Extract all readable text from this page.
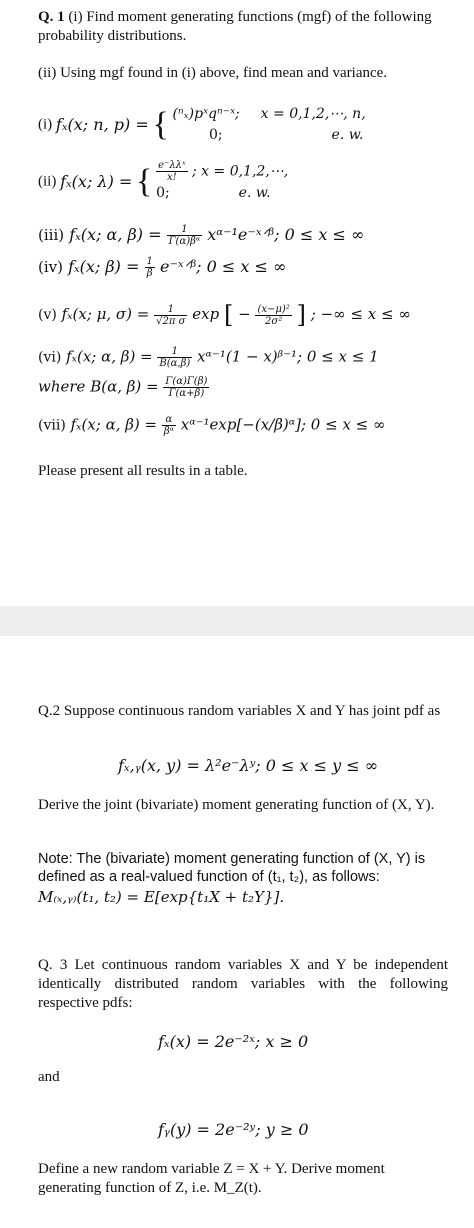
Q. 1 (i) Find moment generating functions (mgf) of the following probability distributions.
(ii) Using mgf found in (i) above, find mean and variance.
(i) fₓ(x; n, p) = { (ⁿₓ)pˣqⁿ⁻ˣ; x = 0,1,2,⋯, n,
0;	e. w.
(ii) fₓ(x; λ) = { $\frac{\text{e⁻λλˣ}}{x!}$ ; x = 0,1,2,⋯,
0;	e. w.
(iii) fₓ(x; α, $\beta) = \frac{1}{\text{Γ(α)βᵅ}}$ xᵅ⁻¹e⁻ˣᐟᵝ; 0 ≤ x ≤ ∞
(iv) fₓ(x; $\beta) = \frac{1}{\beta}$ e⁻ˣᐟᵝ; 0 ≤ x ≤ ∞
(v) fₓ(x; μ, $\sigma) = \frac{1}{\text{√2π σ}}$ exp [ − $\frac{\text{(x−μ)²}}{\text{2σ²}}$ ] ; −∞ ≤ x ≤ ∞
(vi) fₓ(x; α, $\beta) = \frac{1}{B(\alpha,\beta)}$ xᵅ⁻¹(1 − x)ᵝ⁻¹; 0 ≤ x ≤ 1
where B(α, $\beta) = \frac{\Gamma(\alpha)\Gamma(\beta)}{\Gamma(\alpha+\beta)}$
(vii) fₓ(x; α, $\beta) = \frac{\alpha}{\text{βᵅ}}$ xᵅ⁻¹exp[−(x/β)ᵅ]; 0 ≤ x ≤ ∞
Please present all results in a table.
Q.2 Suppose continuous random variables X and Y has joint pdf as
fₓ,ᵧ(x, y) = λ²e⁻λʸ; 0 ≤ x ≤ y ≤ ∞
Derive the joint (bivariate) moment generating function of (X, Y).
Note: The (bivariate) moment generating function of (X, Y) is defined as a real-valued function of (t₁, t₂), as follows:
M₍ₓ,ᵧ₎(t₁, t₂) = E[exp{t₁X + t₂Y}].
Q. 3 Let continuous random variables X and Y be independent identically distributed random variables with the following respective pdfs:
fₓ(x) = 2e⁻²ˣ; x ≥ 0
and
fᵧ(y) = 2e⁻²ʸ; y ≥ 0
Define a new random variable Z = X + Y. Derive moment generating function of Z, i.e. M_Z(t).
